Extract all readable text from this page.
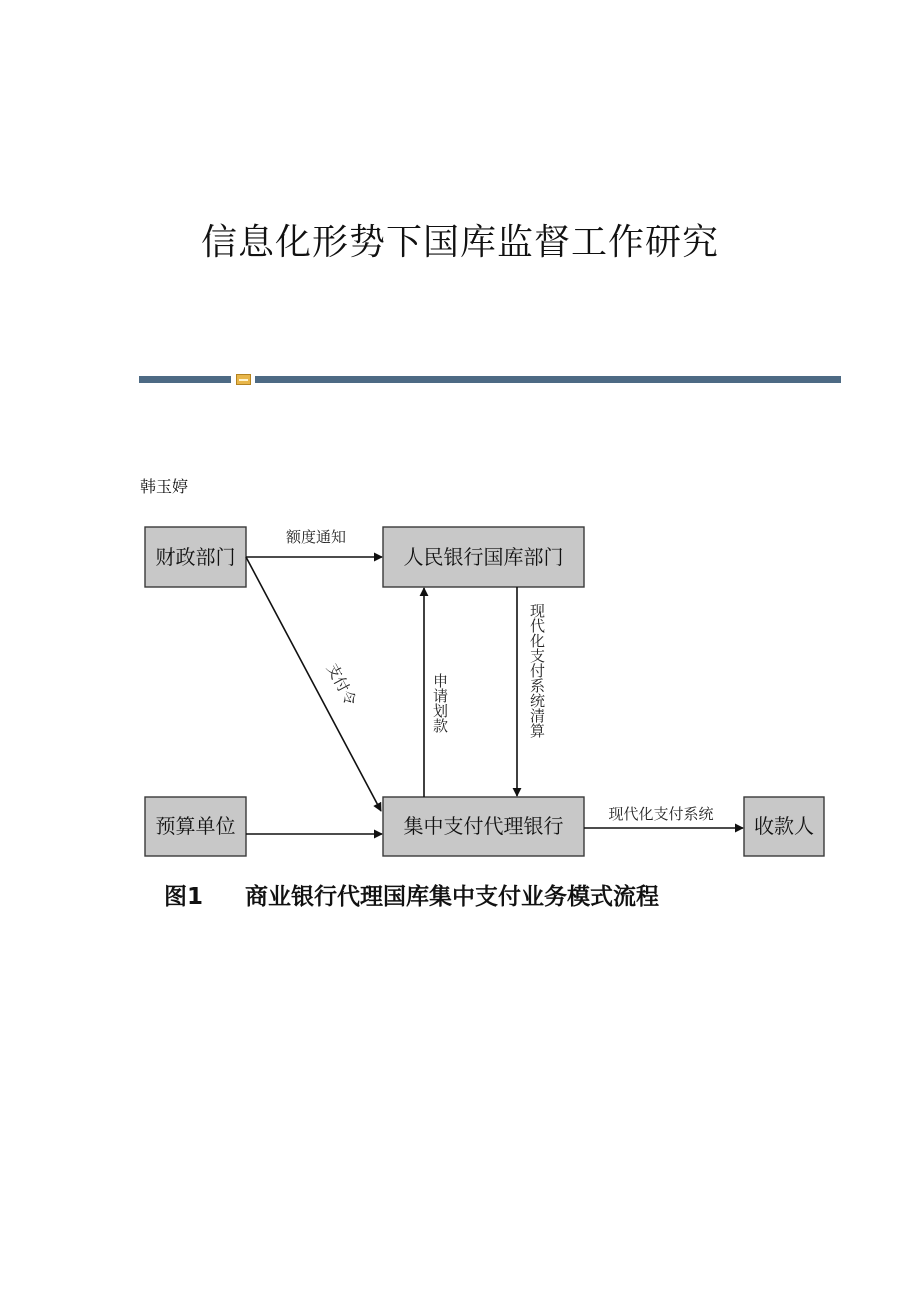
信息化形势下国库监督工作研究
韩玉婷
财政部门	人民银行国库部门
预算单位	集中支付代理银行	收款人
额度通知
支付令	申请划款	现代化支付系统清算
现代化支付系统
图1 商业银行代理国库集中支付业务模式流程
